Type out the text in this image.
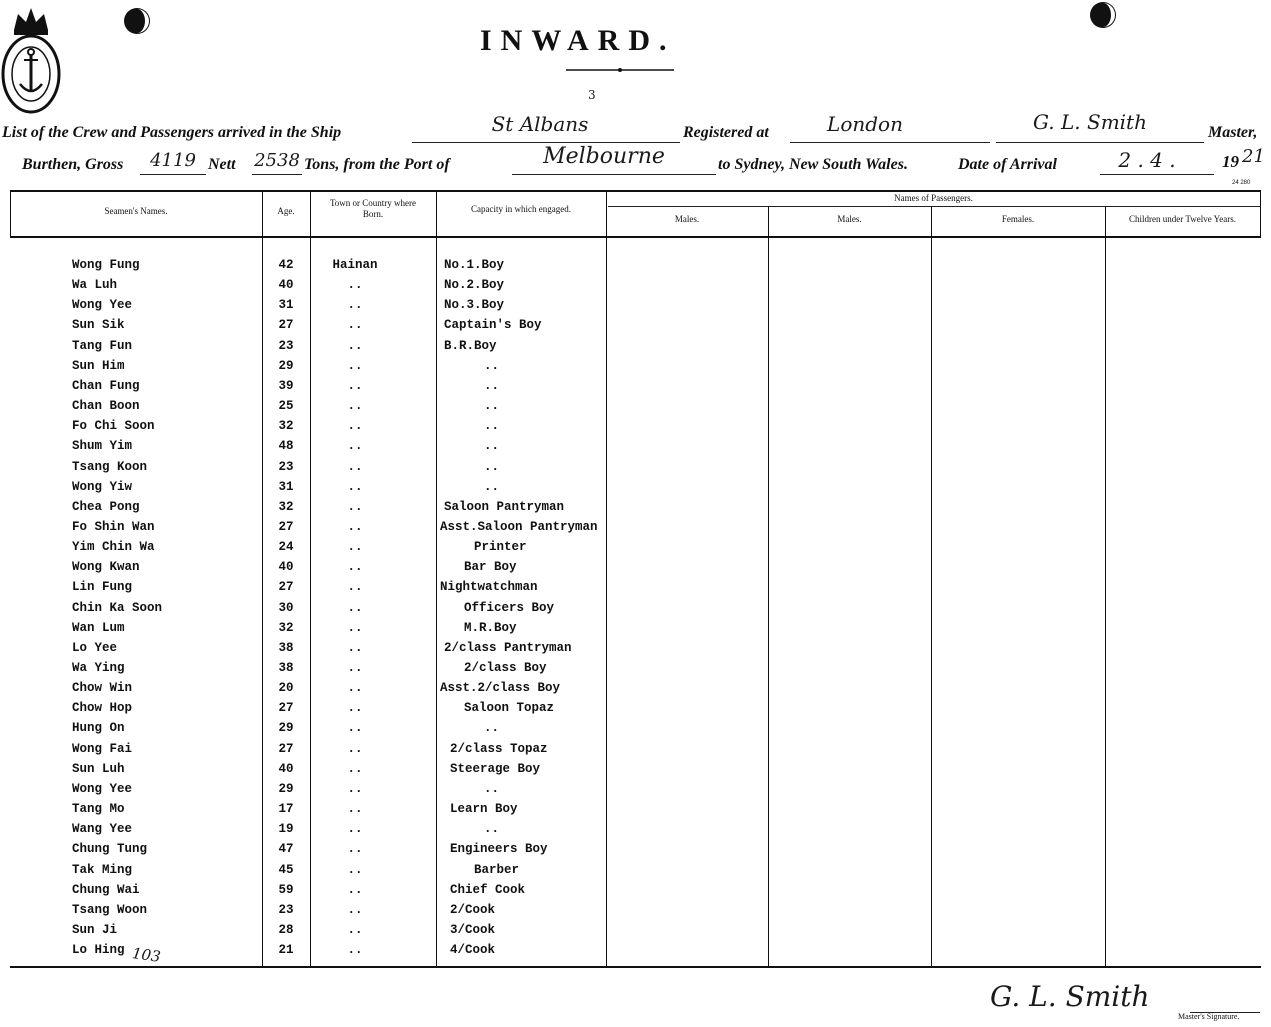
INWARD.
3
List of the Crew and Passengers arrived in the Ship	St Albans	Registered at	London	G. L. Smith	Master,
Burthen, Gross	4119 Nett 2538 Tons, from the Port of	Melbourne	to Sydney, New South Wales.	Date of Arrival	2 . 4 .	19 21
24 280
Seamen's Names.	Age.
Town or Country where Born.	Capacity in which engaged.
Names of Passengers.
Males.	Males.	Females.	Children under Twelve Years.
Wong Fung	42	Hainan	No.1.Boy
Wa Luh	40	..	No.2.Boy
Wong Yee	31	..	No.3.Boy
Sun Sik	27	..	Captain's Boy
Tang Fun	23	..	B.R.Boy
Sun Him	29	..	..
Chan Fung	39	..	..
Chan Boon	25	..	..
Fo Chi Soon	32	..	..
Shum Yim	48	..	..
Tsang Koon	23	..	..
Wong Yiw	31	..	..
Chea Pong	32	..	Saloon Pantryman
Fo Shin Wan	27	..	Asst.Saloon Pantryman
Yim Chin Wa	24	..	Printer
Wong Kwan	40	..	Bar Boy
Lin Fung	27	..	Nightwatchman
Chin Ka Soon	30	..	Officers Boy
Wan Lum	32	..	M.R.Boy
Lo Yee	38	..	2/class Pantryman
Wa Ying	38	..	2/class Boy
Chow Win	20	..	Asst.2/class Boy
Chow Hop	27	..	Saloon Topaz
Hung On	29	..	..
Wong Fai	27	..	2/class Topaz
Sun Luh	40	..	Steerage Boy
Wong Yee	29	..	..
Tang Mo	17	..	Learn Boy
Wang Yee	19	..	..
Chung Tung	47	..	Engineers Boy
Tak Ming	45	..	Barber
Chung Wai	59	..	Chief Cook
Tsang Woon	23	..	2/Cook
Sun Ji	28	..	3/Cook
Lo Hing	21	..	4/Cook
103
G. L. Smith
Master's Signature.
